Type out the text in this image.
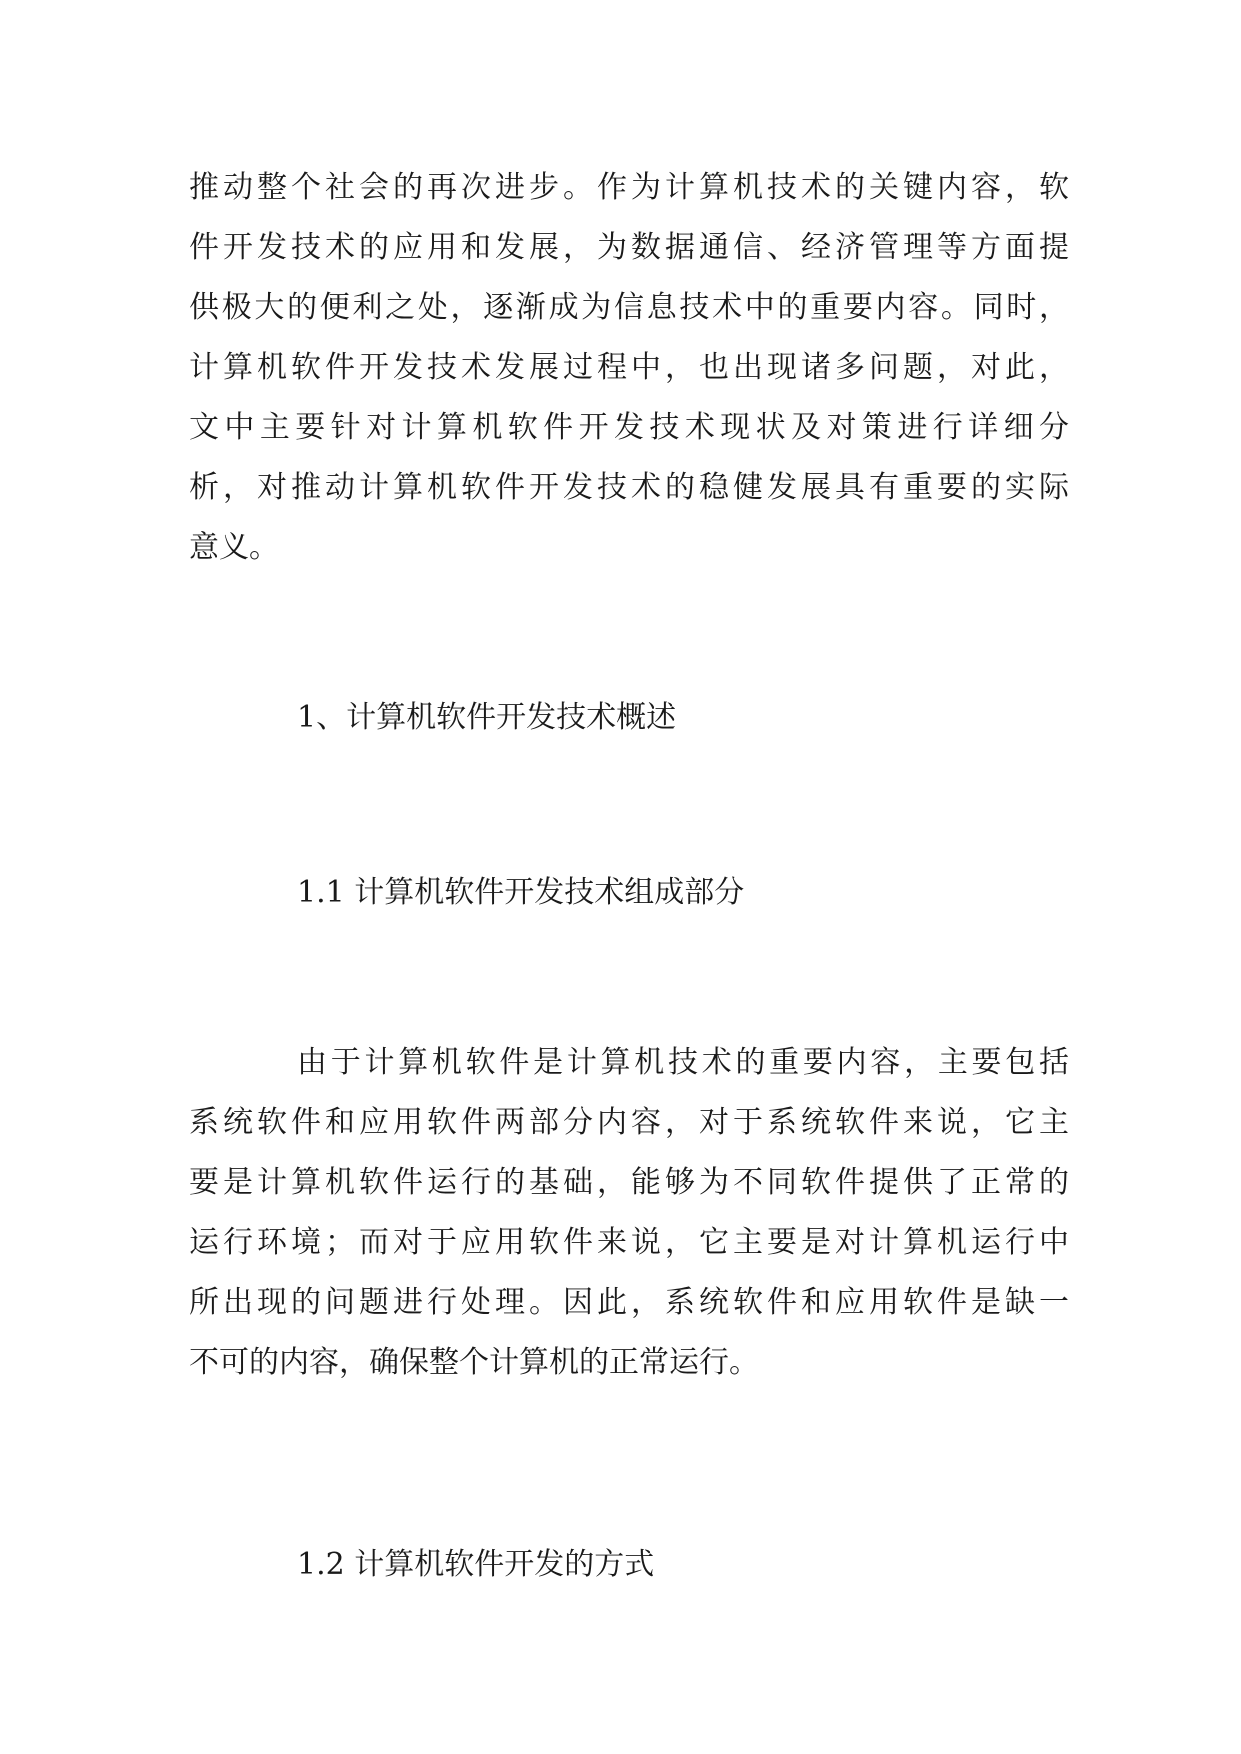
推动整个社会的再次进步。作为计算机技术的关键内容，软
件开发技术的应用和发展，为数据通信、经济管理等方面提
供极大的便利之处，逐渐成为信息技术中的重要内容。同时，
计算机软件开发技术发展过程中，也出现诸多问题，对此，
文中主要针对计算机软件开发技术现状及对策进行详细分
析，对推动计算机软件开发技术的稳健发展具有重要的实际
意义。
1、计算机软件开发技术概述
1.1 计算机软件开发技术组成部分
由于计算机软件是计算机技术的重要内容，主要包括
系统软件和应用软件两部分内容，对于系统软件来说，它主
要是计算机软件运行的基础，能够为不同软件提供了正常的
运行环境；而对于应用软件来说，它主要是对计算机运行中
所出现的问题进行处理。因此，系统软件和应用软件是缺一
不可的内容，确保整个计算机的正常运行。
1.2 计算机软件开发的方式
